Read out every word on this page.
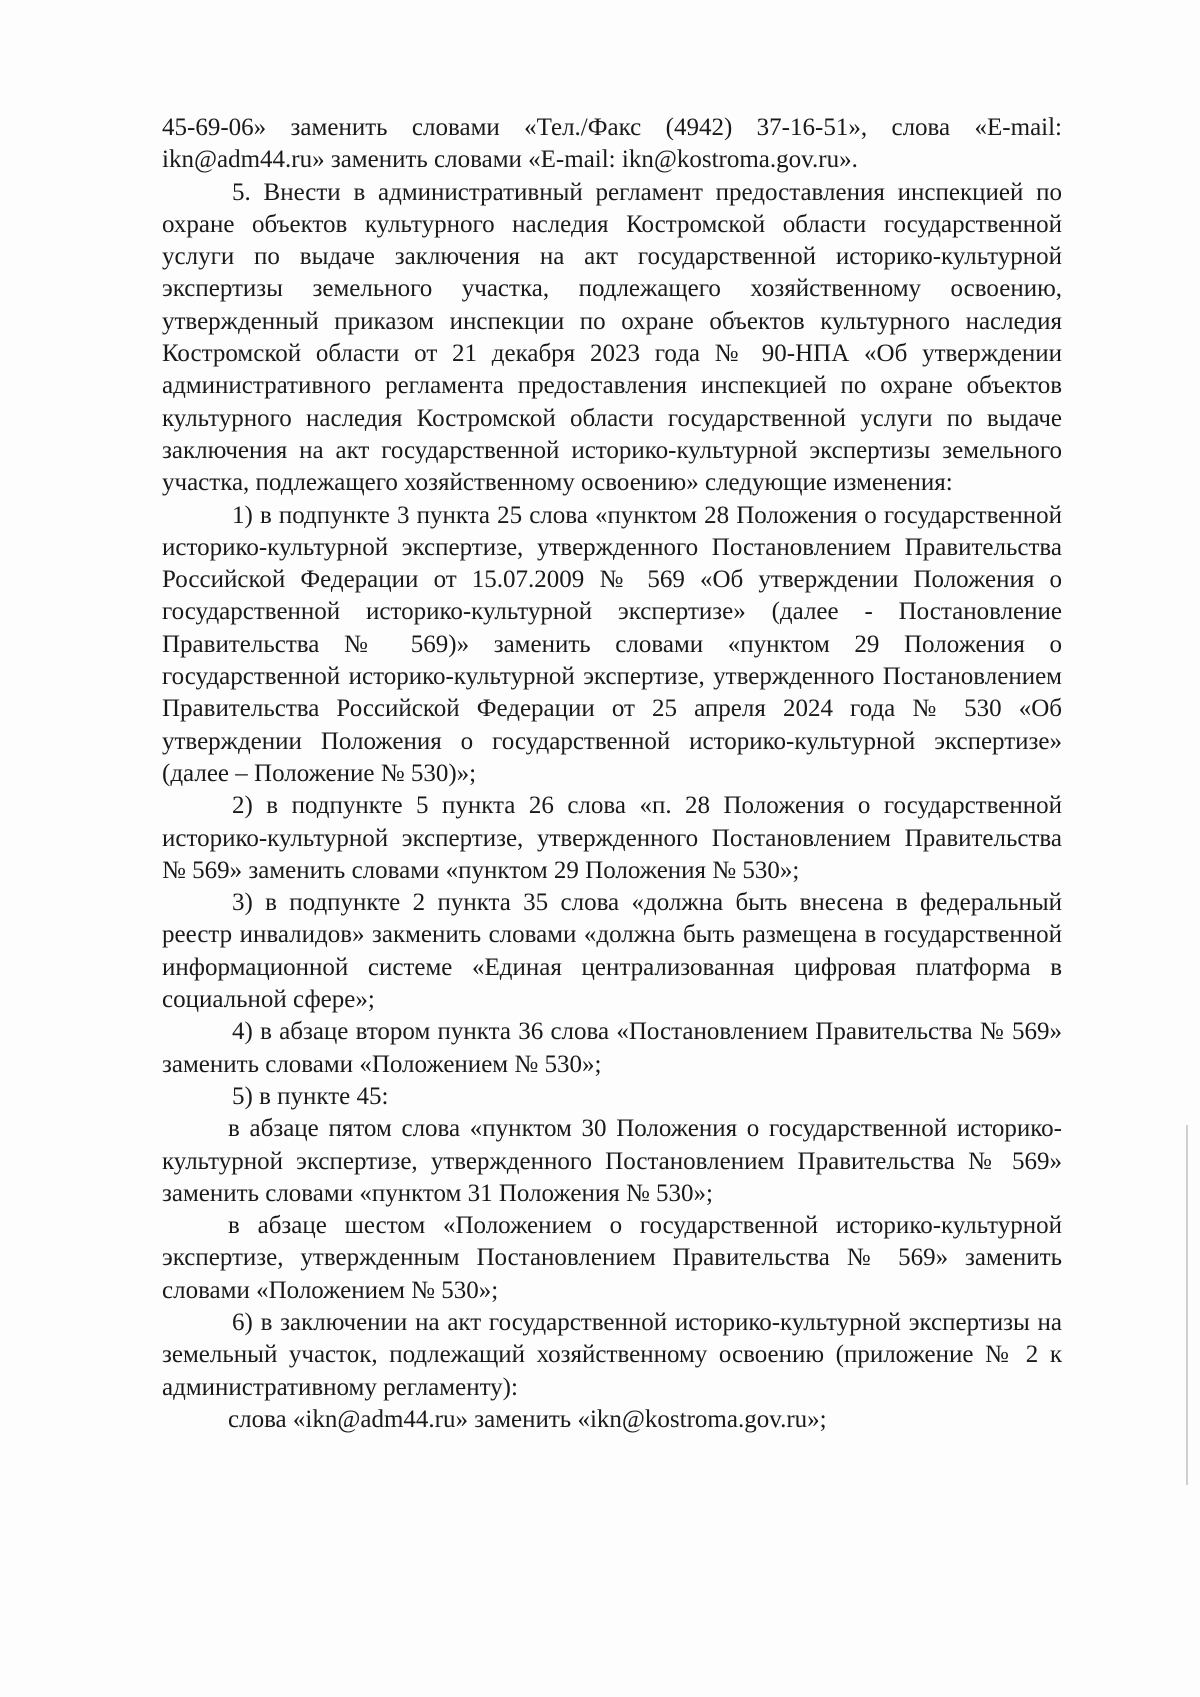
45-69-06» заменить словами «Тел./Факс (4942) 37-16-51», слова «E-mail: ikn@adm44.ru» заменить словами «E-mail: ikn@kostroma.gov.ru».

5. Внести в административный регламент предоставления инспекцией по охране объектов культурного наследия Костромской области государственной услуги по выдаче заключения на акт государственной историко-культурной экспертизы земельного участка, подлежащего хозяйственному освоению, утвержденный приказом инспекции по охране объектов культурного наследия Костромской области от 21 декабря 2023 года № 90-НПА «Об утверждении административного регламента предоставления инспекцией по охране объектов культурного наследия Костромской области государственной услуги по выдаче заключения на акт государственной историко-культурной экспертизы земельного участка, подлежащего хозяйственному освоению» следующие изменения:

1) в подпункте 3 пункта 25 слова «пунктом 28 Положения о государственной историко-культурной экспертизе, утвержденного Постановлением Правительства Российской Федерации от 15.07.2009 № 569 «Об утверждении Положения о государственной историко-культурной экспертизе» (далее - Постановление Правительства № 569)» заменить словами «пунктом 29 Положения о государственной историко-культурной экспертизе, утвержденного Постановлением Правительства Российской Федерации от 25 апреля 2024 года № 530 «Об утверждении Положения о государственной историко-культурной экспертизе» (далее – Положение № 530)»;

2) в подпункте 5 пункта 26 слова «п. 28 Положения о государственной историко-культурной экспертизе, утвержденного Постановлением Правительства № 569» заменить словами «пунктом 29 Положения № 530»;

3) в подпункте 2 пункта 35 слова «должна быть внесена в федеральный реестр инвалидов» закменить словами «должна быть размещена в государственной информационной системе «Единая централизованная цифровая платформа в социальной сфере»;

4) в абзаце втором пункта 36 слова «Постановлением Правительства № 569» заменить словами «Положением № 530»;

5) в пункте 45:

в абзаце пятом слова «пунктом 30 Положения о государственной историко-культурной экспертизе, утвержденного Постановлением Правительства № 569» заменить словами «пунктом 31 Положения № 530»;

в абзаце шестом «Положением о государственной историко-культурной экспертизе, утвержденным Постановлением Правительства № 569» заменить словами «Положением № 530»;

6) в заключении на акт государственной историко-культурной экспертизы на земельный участок, подлежащий хозяйственному освоению (приложение № 2 к административному регламенту):

слова «ikn@adm44.ru» заменить «ikn@kostroma.gov.ru»;
